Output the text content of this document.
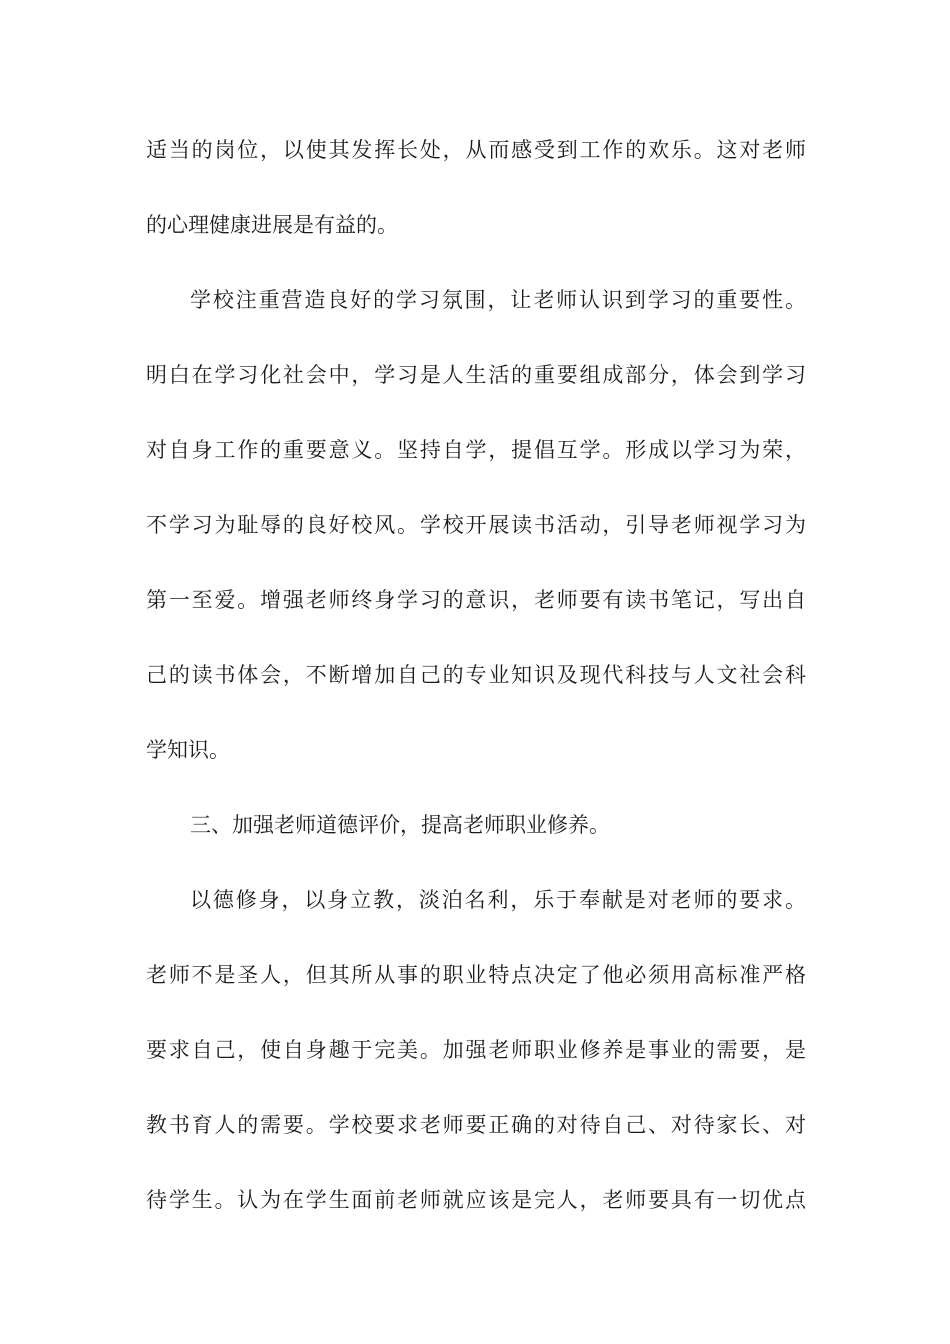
适当的岗位，以使其发挥长处，从而感受到工作的欢乐。这对老师
的心理健康进展是有益的。
学校注重营造良好的学习氛围，让老师认识到学习的重要性。
明白在学习化社会中，学习是人生活的重要组成部分，体会到学习
对自身工作的重要意义。坚持自学，提倡互学。形成以学习为荣，
不学习为耻辱的良好校风。学校开展读书活动，引导老师视学习为
第一至爱。增强老师终身学习的意识，老师要有读书笔记，写出自
己的读书体会，不断增加自己的专业知识及现代科技与人文社会科
学知识。
三、加强老师道德评价，提高老师职业修养。
以德修身，以身立教，淡泊名利，乐于奉献是对老师的要求。
老师不是圣人，但其所从事的职业特点决定了他必须用高标准严格
要求自己，使自身趣于完美。加强老师职业修养是事业的需要，是
教书育人的需要。学校要求老师要正确的对待自己、对待家长、对
待学生。认为在学生面前老师就应该是完人，老师要具有一切优点
